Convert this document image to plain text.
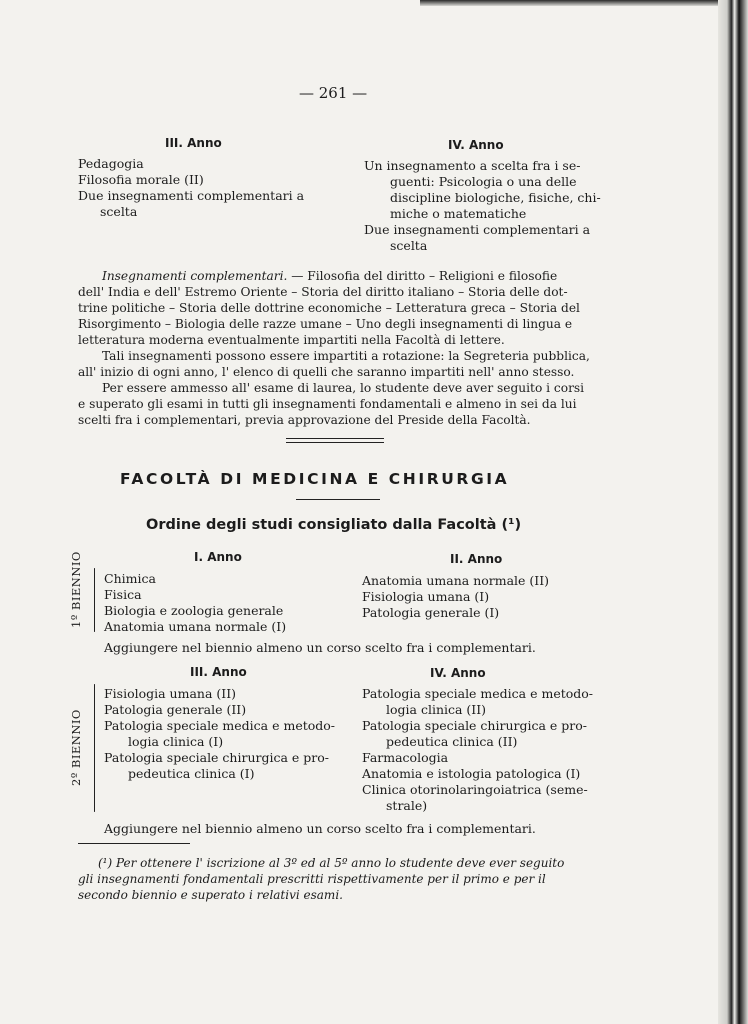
— 261 —
III. Anno
Pedagogia
Filosofia morale (II)
Due insegnamenti complementari a
scelta
IV. Anno
Un insegnamento a scelta fra i se-
guenti: Psicologia o una delle
discipline biologiche, fisiche, chi-
miche o matematiche
Due insegnamenti complementari a
scelta
Insegnamenti complementari. — Filosofia del diritto – Religioni e filosofie
dell' India e dell' Estremo Oriente – Storia del diritto italiano – Storia delle dot-
trine politiche – Storia delle dottrine economiche – Letteratura greca – Storia del
Risorgimento – Biologia delle razze umane – Uno degli insegnamenti di lingua e
letteratura moderna eventualmente impartiti nella Facoltà di lettere.
Tali insegnamenti possono essere impartiti a rotazione: la Segreteria pubblica,
all' inizio di ogni anno, l' elenco di quelli che saranno impartiti nell' anno stesso.
Per essere ammesso all' esame di laurea, lo studente deve aver seguito i corsi
e superato gli esami in tutti gli insegnamenti fondamentali e almeno in sei da lui
scelti fra i complementari, previa approvazione del Preside della Facoltà.
FACOLTÀ DI MEDICINA E CHIRURGIA
Ordine degli studi consigliato dalla Facoltà (¹)
1º BIENNIO	I. Anno
Chimica
Fisica
Biologia e zoologia generale
Anatomia umana normale (I)
II. Anno
Anatomia umana normale (II)
Fisiologia umana (I)
Patologia generale (I)
Aggiungere nel biennio almeno un corso scelto fra i complementari.
III. Anno	IV. Anno
2º BIENNIO
Fisiologia umana (II)
Patologia generale (II)
Patologia speciale medica e metodo-
logia clinica (I)
Patologia speciale chirurgica e pro-
pedeutica clinica (I)
Patologia speciale medica e metodo-
logia clinica (II)
Patologia speciale chirurgica e pro-
pedeutica clinica (II)
Farmacologia
Anatomia e istologia patologica (I)
Clinica otorinolaringoiatrica (seme-
strale)
Aggiungere nel biennio almeno un corso scelto fra i complementari.
(¹) Per ottenere l' iscrizione al 3º ed al 5º anno lo studente deve ever seguito
gli insegnamenti fondamentali prescritti rispettivamente per il primo e per il
secondo biennio e superato i relativi esami.
